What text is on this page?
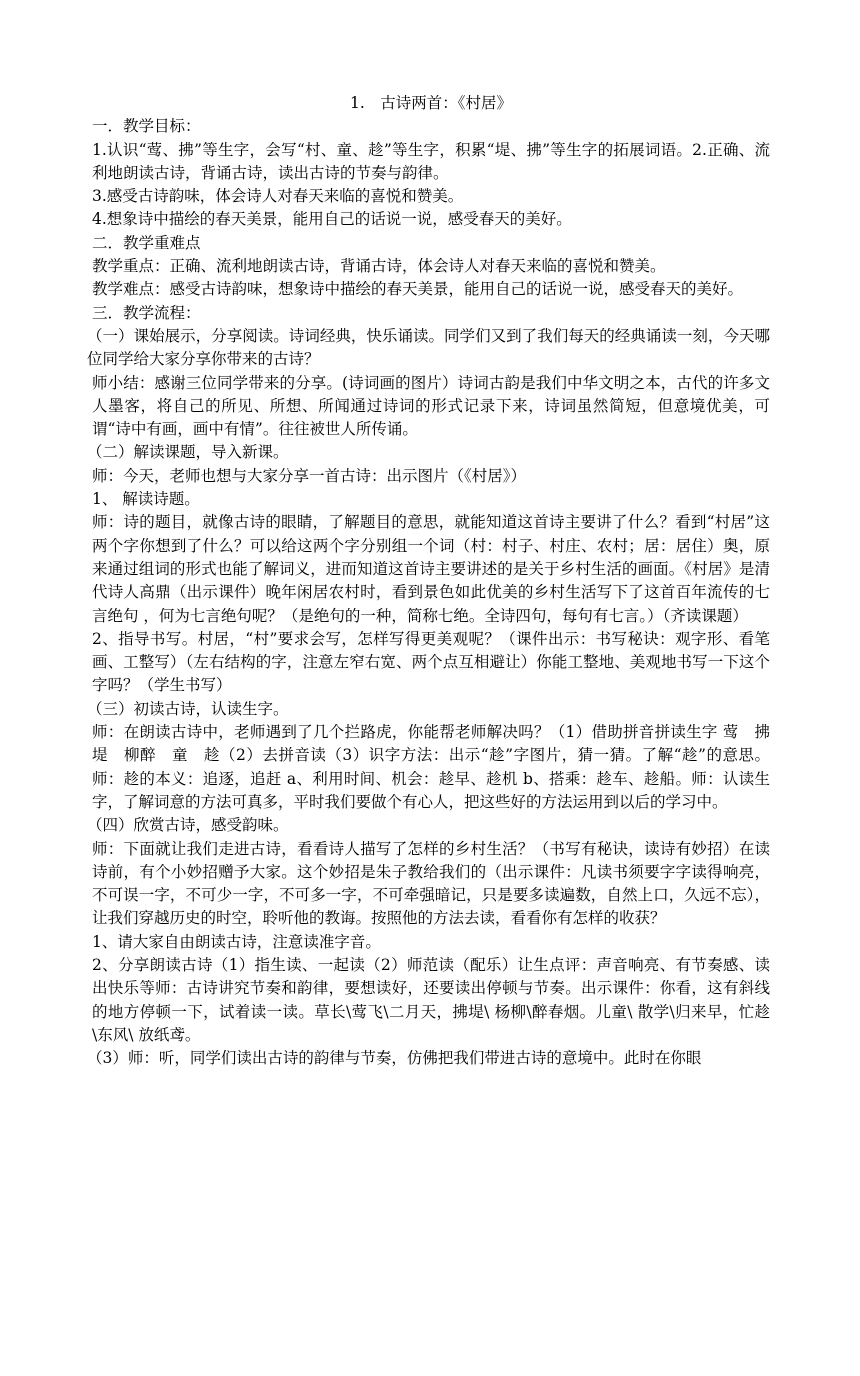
1.　古诗两首：《村居》

一．教学目标：

1.认识“莺、拂”等生字，会写“村、童、趁”等生字，积累“堤、拂”等生字的拓展词语。2.正确、流利地朗读古诗，背诵古诗，读出古诗的节奏与韵律。

3.感受古诗韵味，体会诗人对春天来临的喜悦和赞美。

4.想象诗中描绘的春天美景，能用自己的话说一说，感受春天的美好。

二．教学重难点

教学重点：正确、流利地朗读古诗，背诵古诗，体会诗人对春天来临的喜悦和赞美。

教学难点：感受古诗韵味，想象诗中描绘的春天美景，能用自己的话说一说，感受春天的美好。

三．教学流程：

（一）课始展示，分享阅读。诗词经典，快乐诵读。同学们又到了我们每天的经典诵读一刻，今天哪位同学给大家分享你带来的古诗？

师小结：感谢三位同学带来的分享。(诗词画的图片）诗词古韵是我们中华文明之本，古代的许多文人墨客，将自己的所见、所想、所闻通过诗词的形式记录下来，诗词虽然简短，但意境优美，可谓“诗中有画，画中有情”。往往被世人所传诵。

（二）解读课题，导入新课。

师：今天，老师也想与大家分享一首古诗：出示图片（《村居》）

1、 解读诗题。

师：诗的题目，就像古诗的眼睛，了解题目的意思，就能知道这首诗主要讲了什么？看到“村居”这两个字你想到了什么？可以给这两个字分别组一个词（村：村子、村庄、农村；居：居住）奥，原来通过组词的形式也能了解词义，进而知道这首诗主要讲述的是关于乡村生活的画面。《村居》是清代诗人高鼎（出示课件）晚年闲居农村时，看到景色如此优美的乡村生活写下了这首百年流传的七言绝句 ，何为七言绝句呢？（是绝句的一种，简称七绝。全诗四句，每句有七言。）（齐读课题）

2、指导书写。村居，“村”要求会写，怎样写得更美观呢？（课件出示：书写秘诀：观字形、看笔画、工整写）（左右结构的字，注意左窄右宽、两个点互相避让）你能工整地、美观地书写一下这个字吗？（学生书写）

（三）初读古诗，认读生字。

师：在朗读古诗中，老师遇到了几个拦路虎，你能帮老师解决吗？（1）借助拼音拼读生字 莺　拂　堤　柳醉　童　趁（2）去拼音读（3）识字方法：出示“趁”字图片，猜一猜。了解“趁”的意思。师：趁的本义：追逐，追赶 a、利用时间、机会：趁早、趁机 b、搭乘：趁车、趁船。师：认读生字，了解词意的方法可真多，平时我们要做个有心人，把这些好的方法运用到以后的学习中。

（四）欣赏古诗，感受韵味。

师：下面就让我们走进古诗，看看诗人描写了怎样的乡村生活？（书写有秘诀，读诗有妙招）在读诗前，有个小妙招赠予大家。这个妙招是朱子教给我们的（出示课件：凡读书须要字字读得响亮，不可误一字，不可少一字，不可多一字，不可牵强暗记，只是要多读遍数，自然上口，久远不忘），让我们穿越历史的时空，聆听他的教诲。按照他的方法去读，看看你有怎样的收获？

1、请大家自由朗读古诗，注意读准字音。

2、分享朗读古诗（1）指生读、一起读（2）师范读（配乐）让生点评：声音响亮、有节奏感、读出快乐等师：古诗讲究节奏和韵律，要想读好，还要读出停顿与节奏。出示课件：你看，这有斜线的地方停顿一下，试着读一读。草长\莺飞\二月天，拂堤\ 杨柳\醉春烟。儿童\ 散学\归来早，忙趁\东风\ 放纸鸢。

（3）师：听，同学们读出古诗的韵律与节奏，仿佛把我们带进古诗的意境中。此时在你眼
